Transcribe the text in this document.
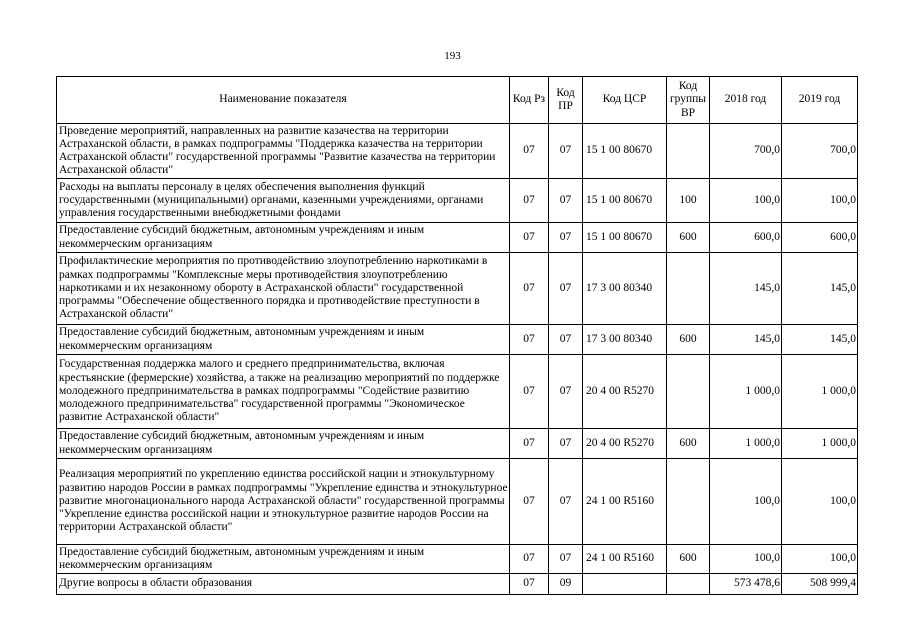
193
Наименование показателя	Код Рз	Код ПР	Код ЦСР	Код группы ВР	2018 год	2019 год
Проведение мероприятий, направленных на развитие казачества на территории Астраханской области, в рамках подпрограммы "Поддержка казачества на территории Астраханской области" государственной программы "Развитие казачества на территории Астраханской области"	07	07	15 1 00 80670		700,0	700,0
Расходы на выплаты персоналу в целях обеспечения выполнения функций государственными (муниципальными) органами, казенными учреждениями, органами управления государственными внебюджетными фондами	07	07	15 1 00 80670	100	100,0	100,0
Предоставление субсидий бюджетным, автономным учреждениям и иным некоммерческим организациям	07	07	15 1 00 80670	600	600,0	600,0
Профилактические мероприятия по противодействию злоупотреблению наркотиками в рамках подпрограммы "Комплексные меры противодействия злоупотреблению наркотиками и их незаконному обороту в Астраханской области" государственной программы "Обеспечение общественного порядка и противодействие преступности в Астраханской области"	07	07	17 3 00 80340		145,0	145,0
Предоставление субсидий бюджетным, автономным учреждениям и иным некоммерческим организациям	07	07	17 3 00 80340	600	145,0	145,0
Государственная поддержка малого и среднего предпринимательства, включая крестьянские (фермерские) хозяйства, а также на реализацию мероприятий по поддержке молодежного предпринимательства в рамках подпрограммы "Содействие развитию молодежного предпринимательства" государственной программы "Экономическое развитие Астраханской области"	07	07	20 4 00 R5270		1 000,0	1 000,0
Предоставление субсидий бюджетным, автономным учреждениям и иным некоммерческим организациям	07	07	20 4 00 R5270	600	1 000,0	1 000,0
Реализация мероприятий по укреплению единства российской нации и этнокультурному развитию народов России в рамках подпрограммы "Укрепление единства и этнокультурное развитие многонационального народа Астраханской области" государственной программы "Укрепление единства российской нации и этнокультурное развитие народов России на территории Астраханской области"	07	07	24 1 00 R5160		100,0	100,0
Предоставление субсидий бюджетным, автономным учреждениям и иным некоммерческим организациям	07	07	24 1 00 R5160	600	100,0	100,0
Другие вопросы в области образования	07	09			573 478,6	508 999,4
